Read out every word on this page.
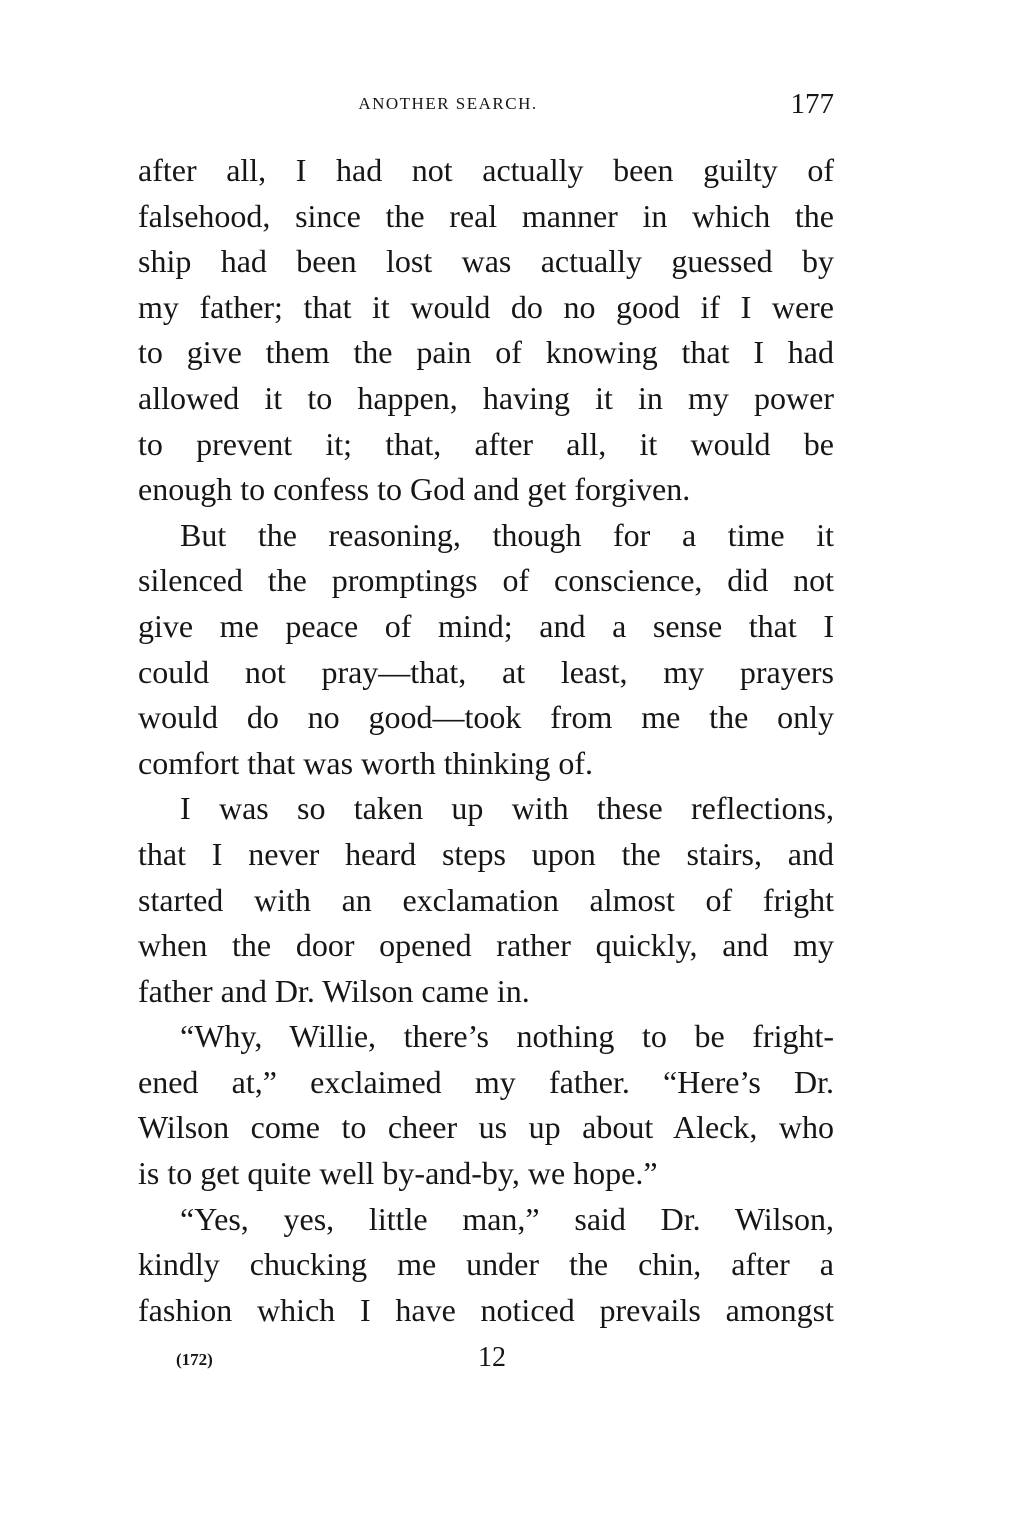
ANOTHER SEARCH.	177
after all, I had not actually been guilty of
falsehood, since the real manner in which the
ship had been lost was actually guessed by
my father; that it would do no good if I were
to give them the pain of knowing that I had
allowed it to happen, having it in my power
to prevent it; that, after all, it would be
enough to confess to God and get forgiven.
But the reasoning, though for a time it
silenced the promptings of conscience, did not
give me peace of mind; and a sense that I
could not pray—that, at least, my prayers
would do no good—took from me the only
comfort that was worth thinking of.
I was so taken up with these reflections,
that I never heard steps upon the stairs, and
started with an exclamation almost of fright
when the door opened rather quickly, and my
father and Dr. Wilson came in.
“Why, Willie, there’s nothing to be fright-
ened at,” exclaimed my father. “Here’s Dr.
Wilson come to cheer us up about Aleck, who
is to get quite well by-and-by, we hope.”
“Yes, yes, little man,” said Dr. Wilson,
kindly chucking me under the chin, after a
fashion which I have noticed prevails amongst
(172)	12
